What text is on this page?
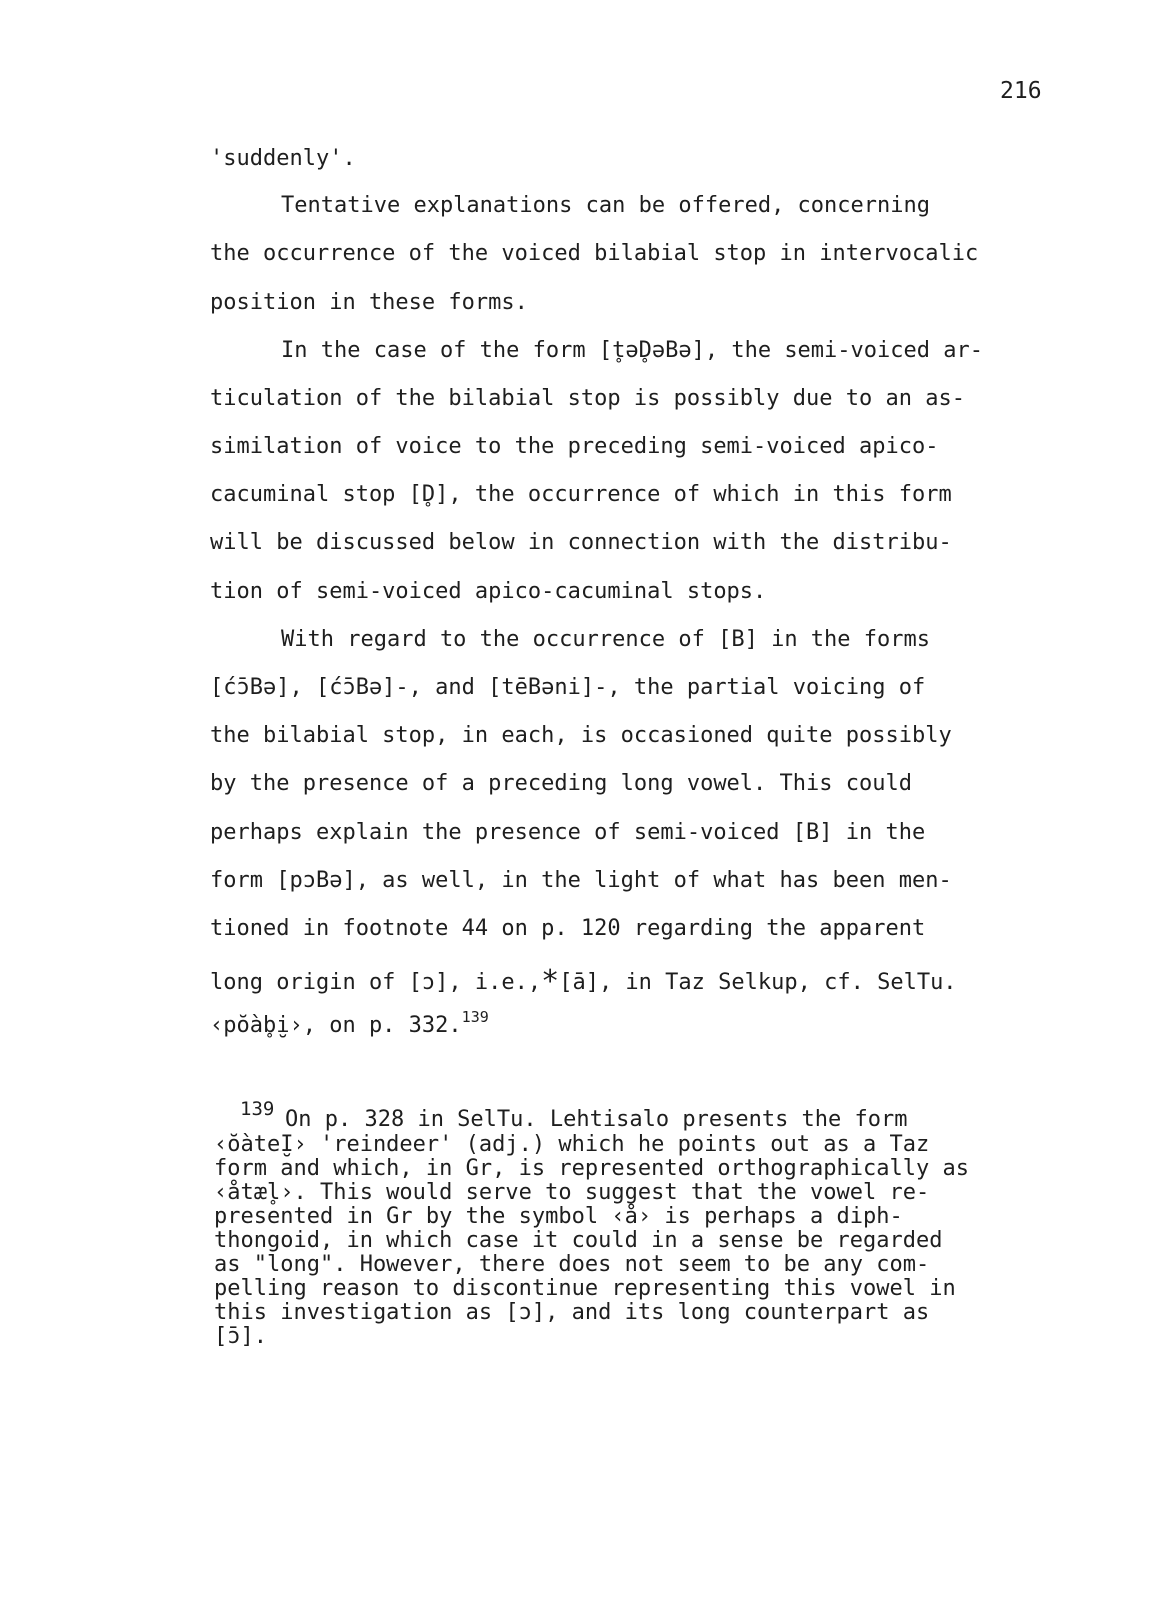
216
'suddenly'.
Tentative explanations can be offered, concerning
the occurrence of the voiced bilabial stop in intervocalic
position in these forms.
In the case of the form [t̥əD̥əBə], the semi-voiced ar-
ticulation of the bilabial stop is possibly due to an as-
similation of voice to the preceding semi-voiced apico-
cacuminal stop [D̥], the occurrence of which in this form
will be discussed below in connection with the distribu-
tion of semi-voiced apico-cacuminal stops.
With regard to the occurrence of [B] in the forms
[ćɔ̄Bə], [ćɔ̄Bə]-, and [tēBəni]-, the partial voicing of
the bilabial stop, in each, is occasioned quite possibly
by the presence of a preceding long vowel. This could
perhaps explain the presence of semi-voiced [B] in the
form [pɔBə], as well, in the light of what has been men-
tioned in footnote 44 on p. 120 regarding the apparent
long origin of [ɔ], i.e.,*[ā], in Taz Selkup, cf. SelTu.
‹pŏ̀ab̥i̮›, on p. 332.$^{139}$
139 On p. 328 in SelTu. Lehtisalo presents the form
‹ŏ̀ateI̮› 'reindeer' (adj.) which he points out as a Taz
form and which, in Gr, is represented orthographically as
‹åtæl̥›. This would serve to suggest that the vowel re-
presented in Gr by the symbol ‹å› is perhaps a diph-
thongoid, in which case it could in a sense be regarded
as "long". However, there does not seem to be any com-
pelling reason to discontinue representing this vowel in
this investigation as [ɔ], and its long counterpart as
[ɔ̄].
